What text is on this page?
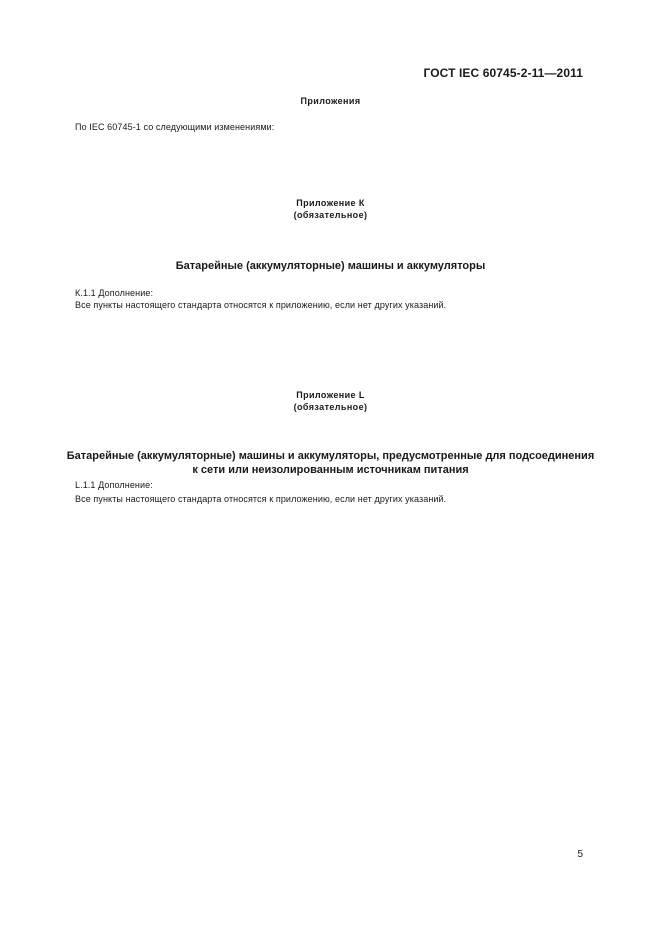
ГОСТ IEC 60745-2-11—2011
Приложения
По IEC 60745-1 со следующими изменениями:
Приложение К
(обязательное)
Батарейные (аккумуляторные) машины и аккумуляторы
К.1.1 Дополнение:
Все пункты настоящего стандарта относятся к приложению, если нет других указаний.
Приложение L
(обязательное)
Батарейные (аккумуляторные) машины и аккумуляторы, предусмотренные для подсоединения
к сети или неизолированным источникам питания
L.1.1 Дополнение:
Все пункты настоящего стандарта относятся к приложению, если нет других указаний.
5
